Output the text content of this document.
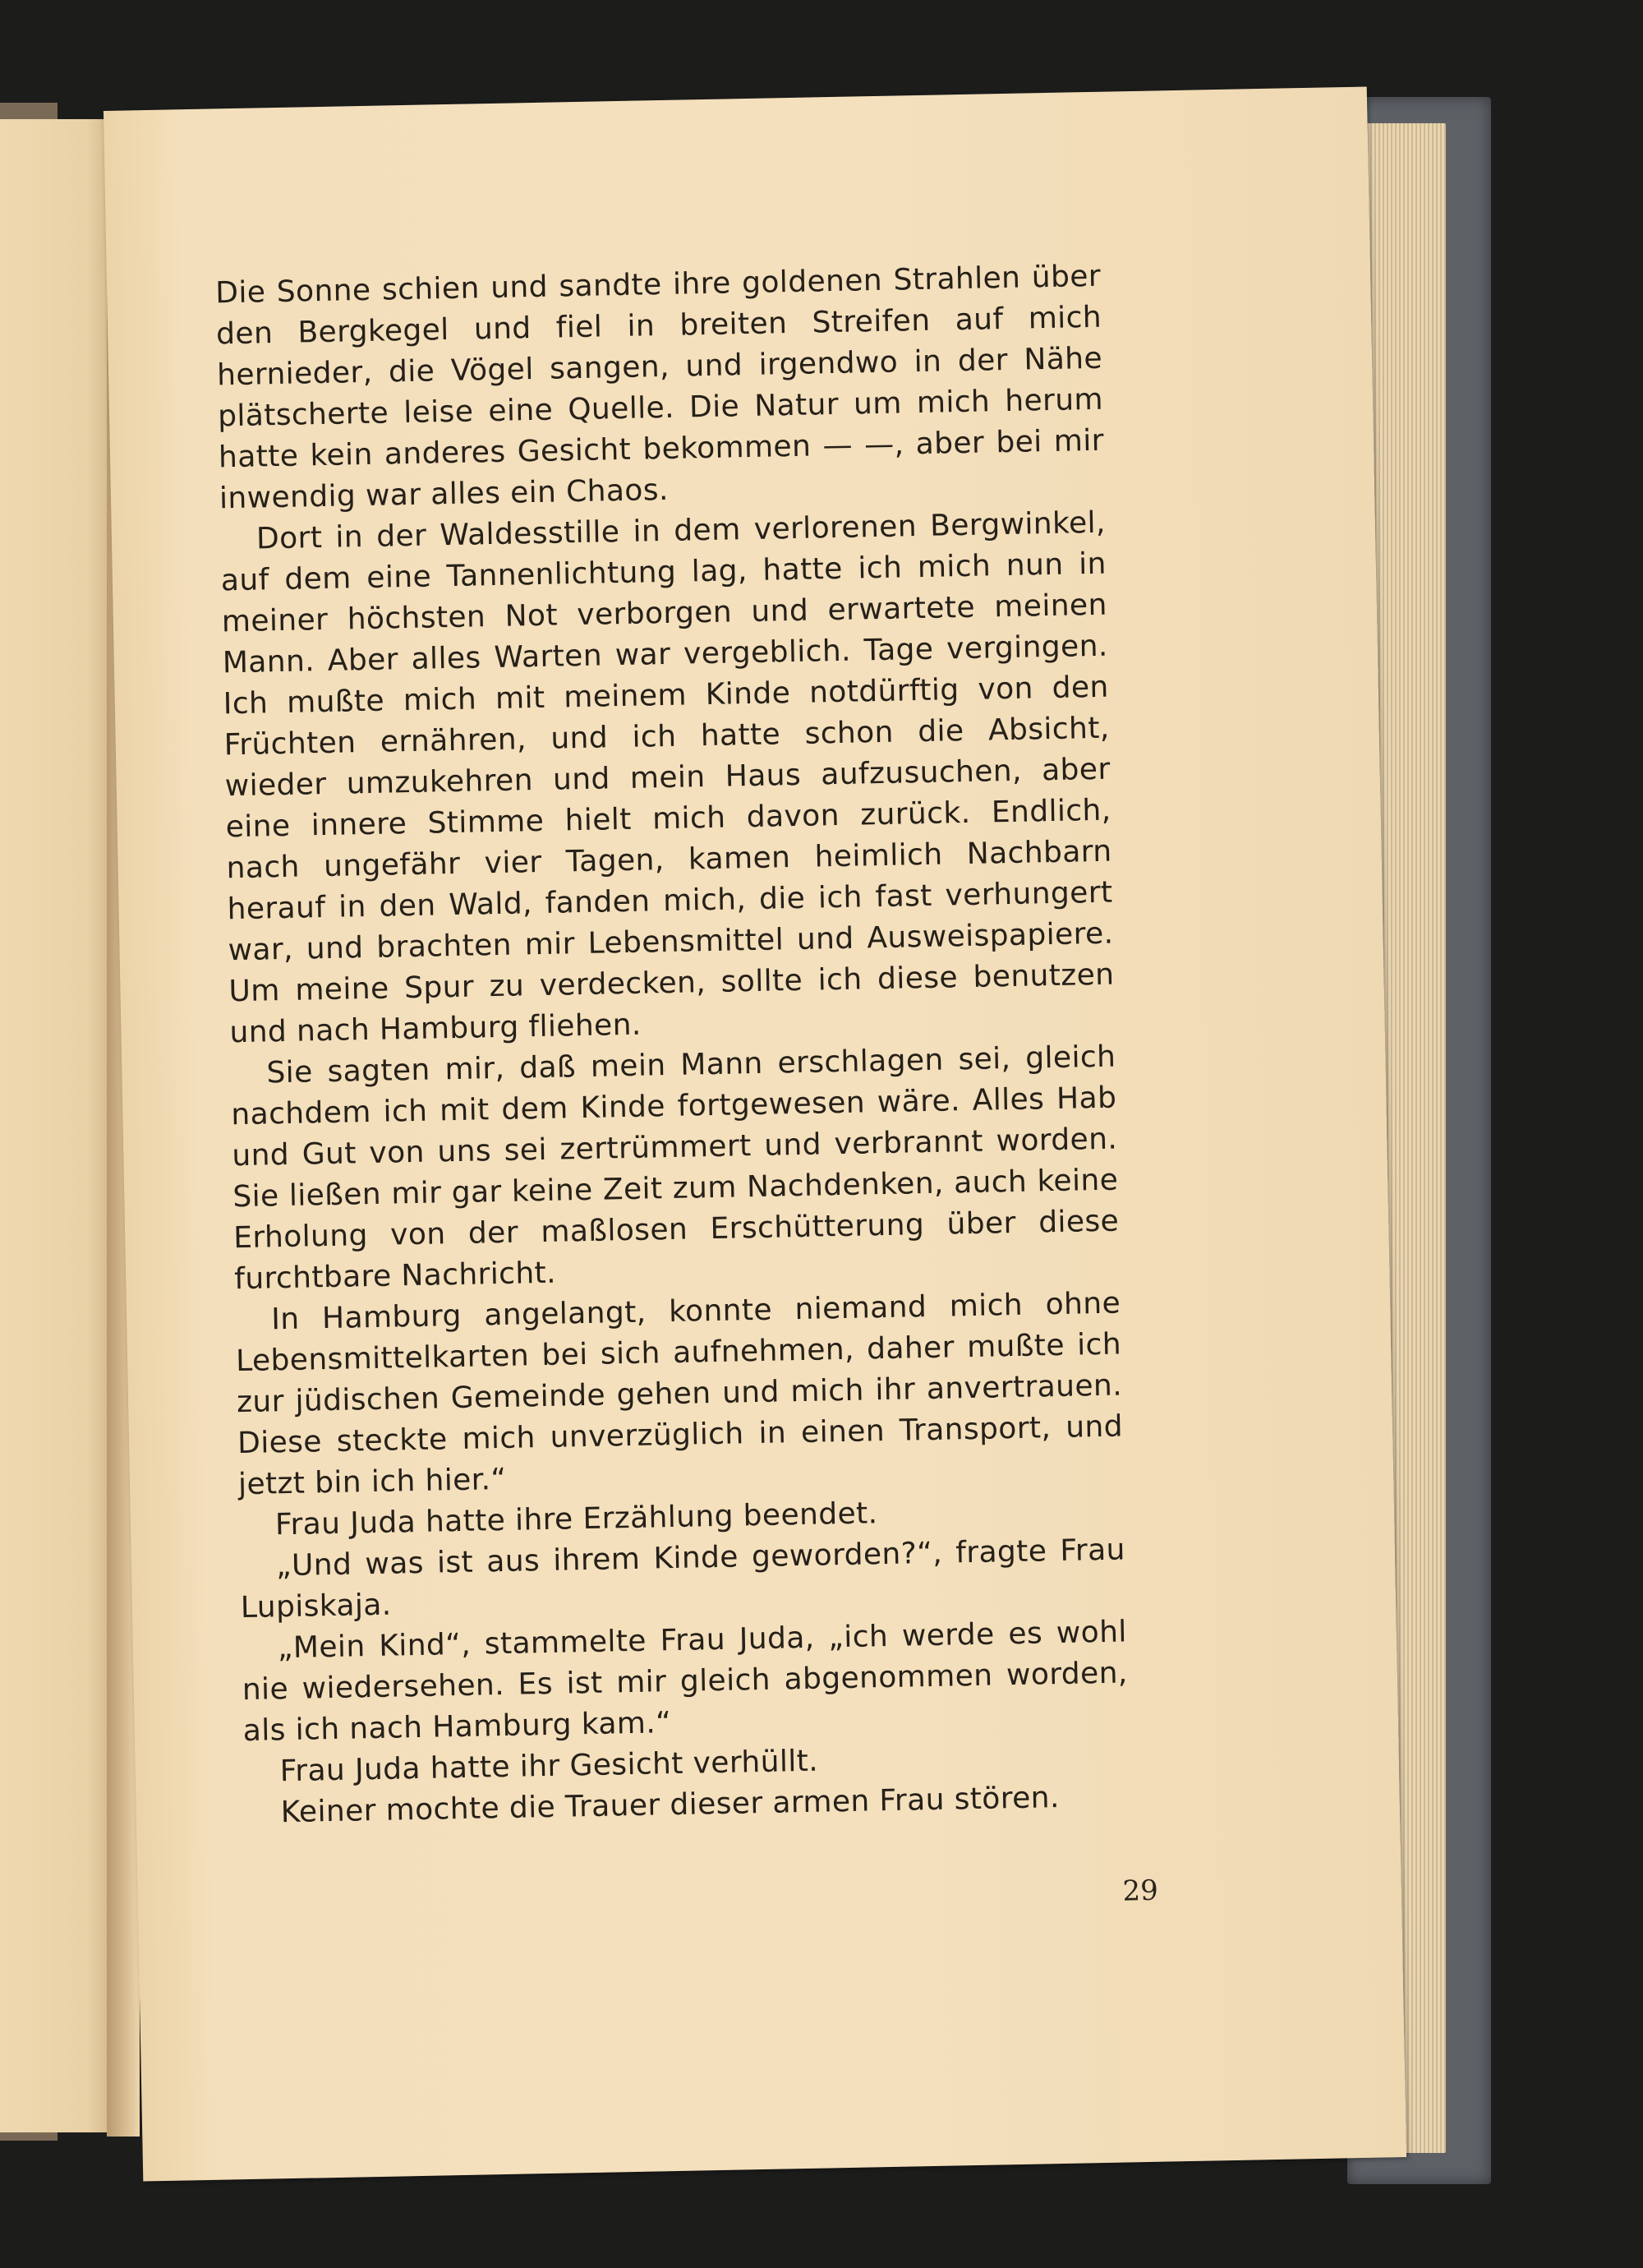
Die Sonne schien und sandte ihre goldenen Strahlen über den Bergkegel und fiel in breiten Streifen auf mich hernieder, die Vögel sangen, und irgendwo in der Nähe plätscherte leise eine Quelle. Die Natur um mich herum hatte kein anderes Gesicht bekommen — —, aber bei mir inwendig war alles ein Chaos.

Dort in der Waldesstille in dem verlorenen Bergwinkel, auf dem eine Tannenlichtung lag, hatte ich mich nun in meiner höchsten Not verborgen und erwartete meinen Mann. Aber alles Warten war vergeblich. Tage vergingen. Ich mußte mich mit meinem Kinde notdürftig von den Früchten ernähren, und ich hatte schon die Absicht, wieder umzukehren und mein Haus aufzusuchen, aber eine innere Stimme hielt mich davon zurück. Endlich, nach ungefähr vier Tagen, kamen heimlich Nachbarn herauf in den Wald, fanden mich, die ich fast verhungert war, und brachten mir Lebensmittel und Ausweispapiere. Um meine Spur zu verdecken, sollte ich diese benutzen und nach Hamburg fliehen.

Sie sagten mir, daß mein Mann erschlagen sei, gleich nachdem ich mit dem Kinde fortgewesen wäre. Alles Hab und Gut von uns sei zertrümmert und verbrannt worden. Sie ließen mir gar keine Zeit zum Nachdenken, auch keine Erholung von der maßlosen Erschütterung über diese furchtbare Nachricht.

In Hamburg angelangt, konnte niemand mich ohne Lebensmittelkarten bei sich aufnehmen, daher mußte ich zur jüdischen Gemeinde gehen und mich ihr anvertrauen. Diese steckte mich unverzüglich in einen Transport, und jetzt bin ich hier.“

Frau Juda hatte ihre Erzählung beendet.

„Und was ist aus ihrem Kinde geworden?“, fragte Frau Lupiskaja.

„Mein Kind“, stammelte Frau Juda, „ich werde es wohl nie wiedersehen. Es ist mir gleich abgenommen worden, als ich nach Hamburg kam.“

Frau Juda hatte ihr Gesicht verhüllt.

Keiner mochte die Trauer dieser armen Frau stören.

29
